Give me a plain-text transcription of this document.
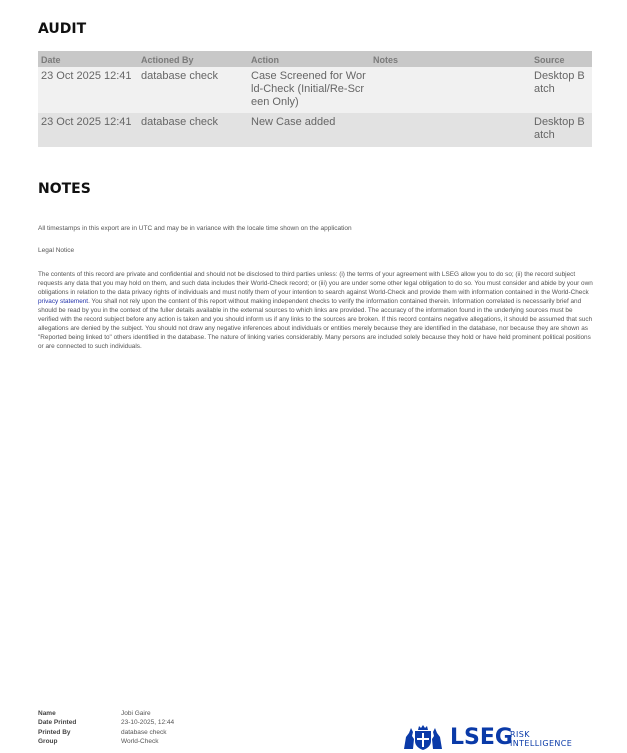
AUDIT
Date	Actioned By	Action	Notes	Source
23 Oct 2025 12:41	database check	Case Screened for World-Check (Initial/Re-Screen Only)		Desktop Batch
23 Oct 2025 12:41	database check	New Case added		Desktop Batch
NOTES
All timestamps in this export are in UTC and may be in variance with the locale time shown on the application
Legal Notice

The contents of this record are private and confidential and should not be disclosed to third parties unless: (i) the terms of your agreement with LSEG allow you to do so; (ii) the record subject requests any data that you may hold on them, and such data includes their World-Check record; or (iii) you are under some other legal obligation to do so. You must consider and abide by your own obligations in relation to the data privacy rights of individuals and must notify them of your intention to search against World-Check and provide them with information contained in the World-Check privacy statement. You shall not rely upon the content of this report without making independent checks to verify the information contained therein. Information correlated is necessarily brief and should be read by you in the context of the fuller details available in the external sources to which links are provided. The accuracy of the information found in the underlying sources must be verified with the record subject before any action is taken and you should inform us if any links to the sources are broken. If this record contains negative allegations, it should be assumed that such allegations are denied by the subject. You should not draw any negative inferences about individuals or entities merely because they are identified in the database, nor because they are shown as "Reported being linked to" others identified in the database. The nature of linking varies considerably. Many persons are included solely because they hold or have held prominent political positions or are connected to such individuals.

Name	Jobi Gaire
Date Printed	23-10-2025, 12:44
Printed By	database check
Group	World-Check	LSEG
RISK
INTELLIGENCE
